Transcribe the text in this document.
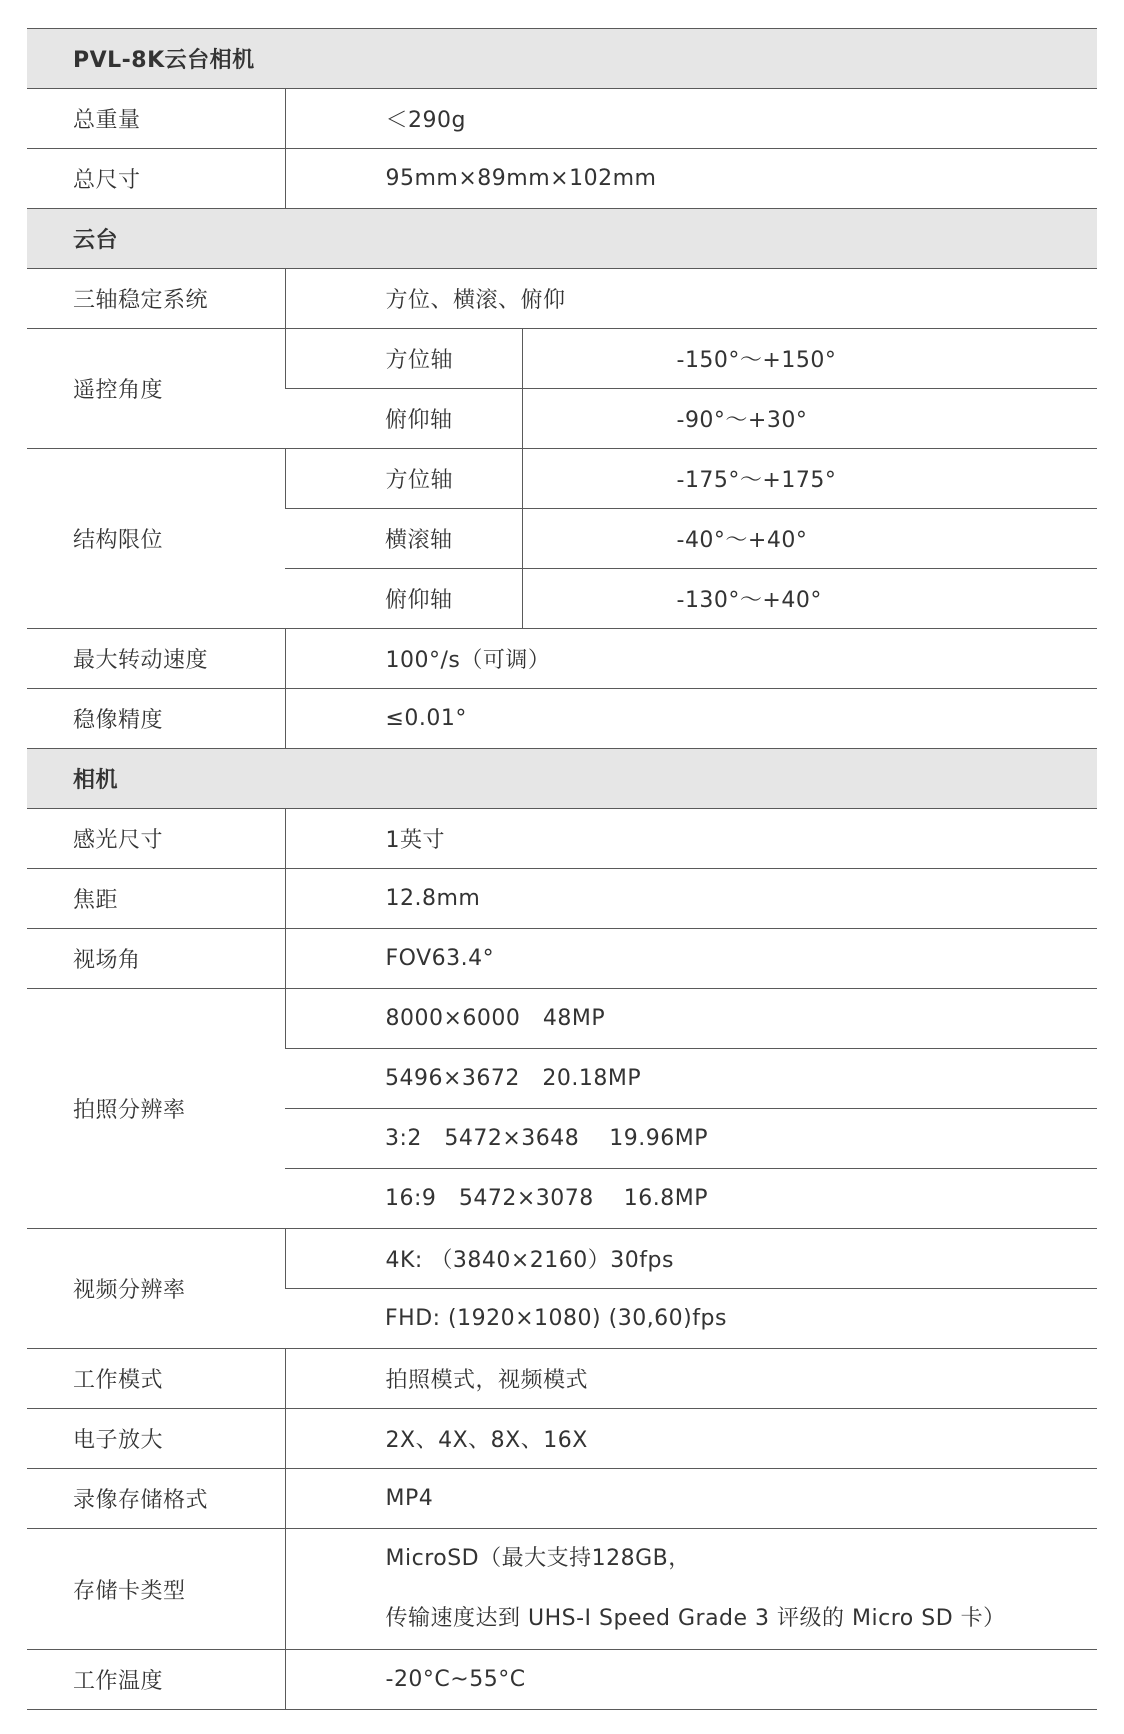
PVL-8K云台相机		
总重量	＜290g	
总尺寸	95mm×89mm×102mm	
云台		
三轴稳定系统	方位、横滚、俯仰	
遥控角度	方位轴	-150°～+150°
	俯仰轴	-90°～+30°
结构限位	方位轴	-175°～+175°
	横滚轴	-40°～+40°
	俯仰轴	-130°～+40°
最大转动速度	100°/s（可调）	
稳像精度	≤0.01°	
相机		
感光尺寸	1英寸	
焦距	12.8mm	
视场角	FOV63.4°	
拍照分辨率	8000×6000   48MP	
	5496×3672   20.18MP	
	3:2   5472×3648    19.96MP	
	16:9   5472×3078    16.8MP	
视频分辨率	4K: （3840×2160）30fps	
	FHD: (1920×1080) (30,60)fps	
工作模式	拍照模式，视频模式	
电子放大	2X、4X、8X、16X	
录像存储格式	MP4	
存储卡类型	MicroSD（最大支持128GB，
传输速度达到 UHS-I Speed Grade 3 评级的 Micro SD 卡）	

工作温度	-20°C~55°C	
